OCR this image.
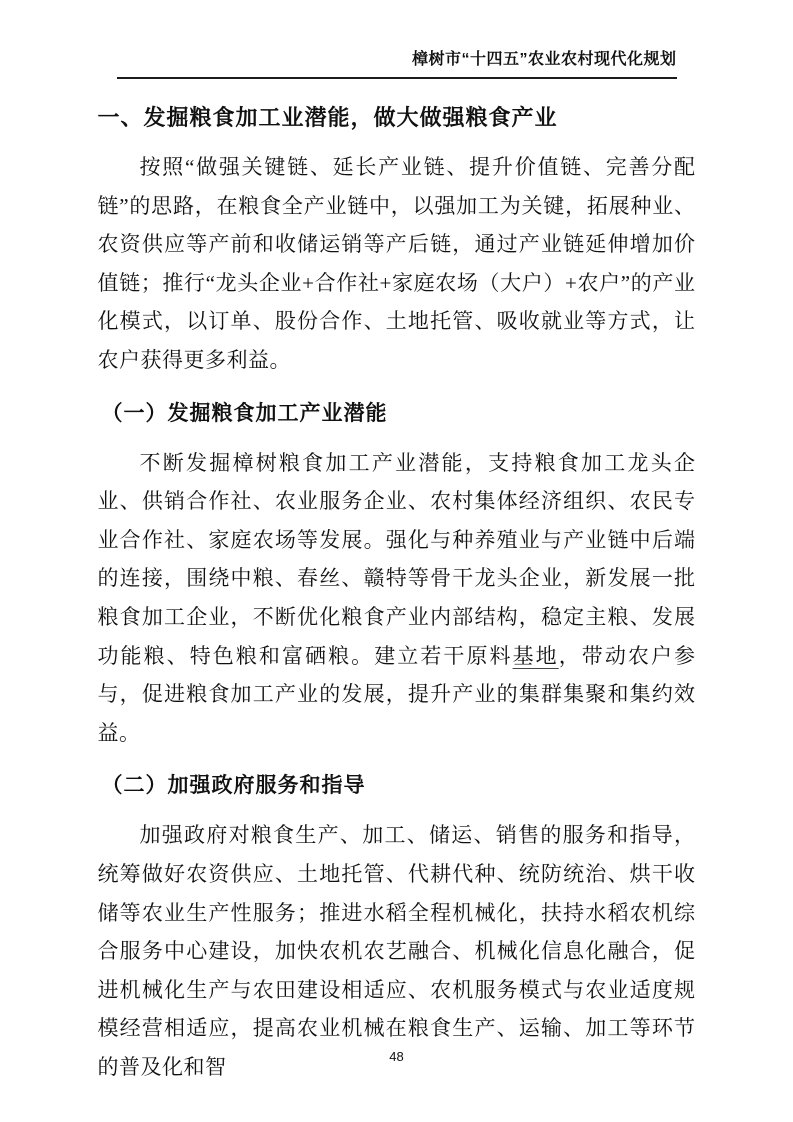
樟树市“十四五”农业农村现代化规划
一、发掘粮食加工业潜能，做大做强粮食产业

按照“做强关键链、延长产业链、提升价值链、完善分配链”的思路，在粮食全产业链中，以强加工为关键，拓展种业、农资供应等产前和收储运销等产后链，通过产业链延伸增加价值链；推行“龙头企业+合作社+家庭农场（大户）+农户”的产业化模式，以订单、股份合作、土地托管、吸收就业等方式，让农户获得更多利益。

（一）发掘粮食加工产业潜能

不断发掘樟树粮食加工产业潜能，支持粮食加工龙头企业、供销合作社、农业服务企业、农村集体经济组织、农民专业合作社、家庭农场等发展。强化与种养殖业与产业链中后端的连接，围绕中粮、春丝、赣特等骨干龙头企业，新发展一批粮食加工企业，不断优化粮食产业内部结构，稳定主粮、发展功能粮、特色粮和富硒粮。建立若干原料基地，带动农户参与，促进粮食加工产业的发展，提升产业的集群集聚和集约效益。

（二）加强政府服务和指导

加强政府对粮食生产、加工、储运、销售的服务和指导，统筹做好农资供应、土地托管、代耕代种、统防统治、烘干收储等农业生产性服务；推进水稻全程机械化，扶持水稻农机综合服务中心建设，加快农机农艺融合、机械化信息化融合，促进机械化生产与农田建设相适应、农机服务模式与农业适度规模经营相适应，提高农业机械在粮食生产、运输、加工等环节的普及化和智	48
